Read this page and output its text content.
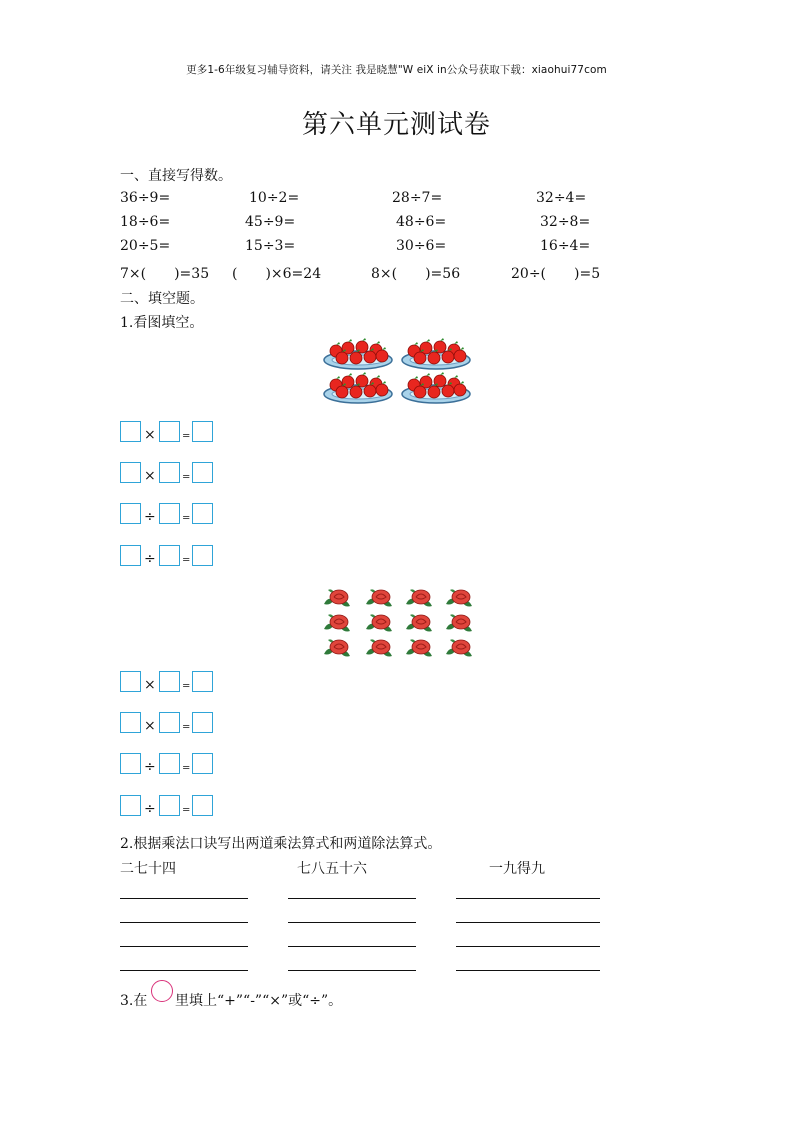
更多1-6年级复习辅导资料，请关注 我是晓慧"W eiX in公众号获取下载：xiaohui77com
第六单元测试卷
一、直接写得数。
36÷9=	10÷2=	28÷7=	32÷4=
18÷6=	45÷9=	48÷6=	32÷8=
20÷5=	15÷3=	30÷6=	16÷4=
7×(　　)=35 (　　)×6=24	8×(　　)=56	20÷(　　)=5
二、填空题。
1.看图填空。
×	=
×	=
÷	=
÷	=
×	=
×	=
÷	=
÷	=
2.根据乘法口诀写出两道乘法算式和两道除法算式。
二七十四	七八五十六	一九得九
3.在 里填上“+”“-”“×”或“÷”。
